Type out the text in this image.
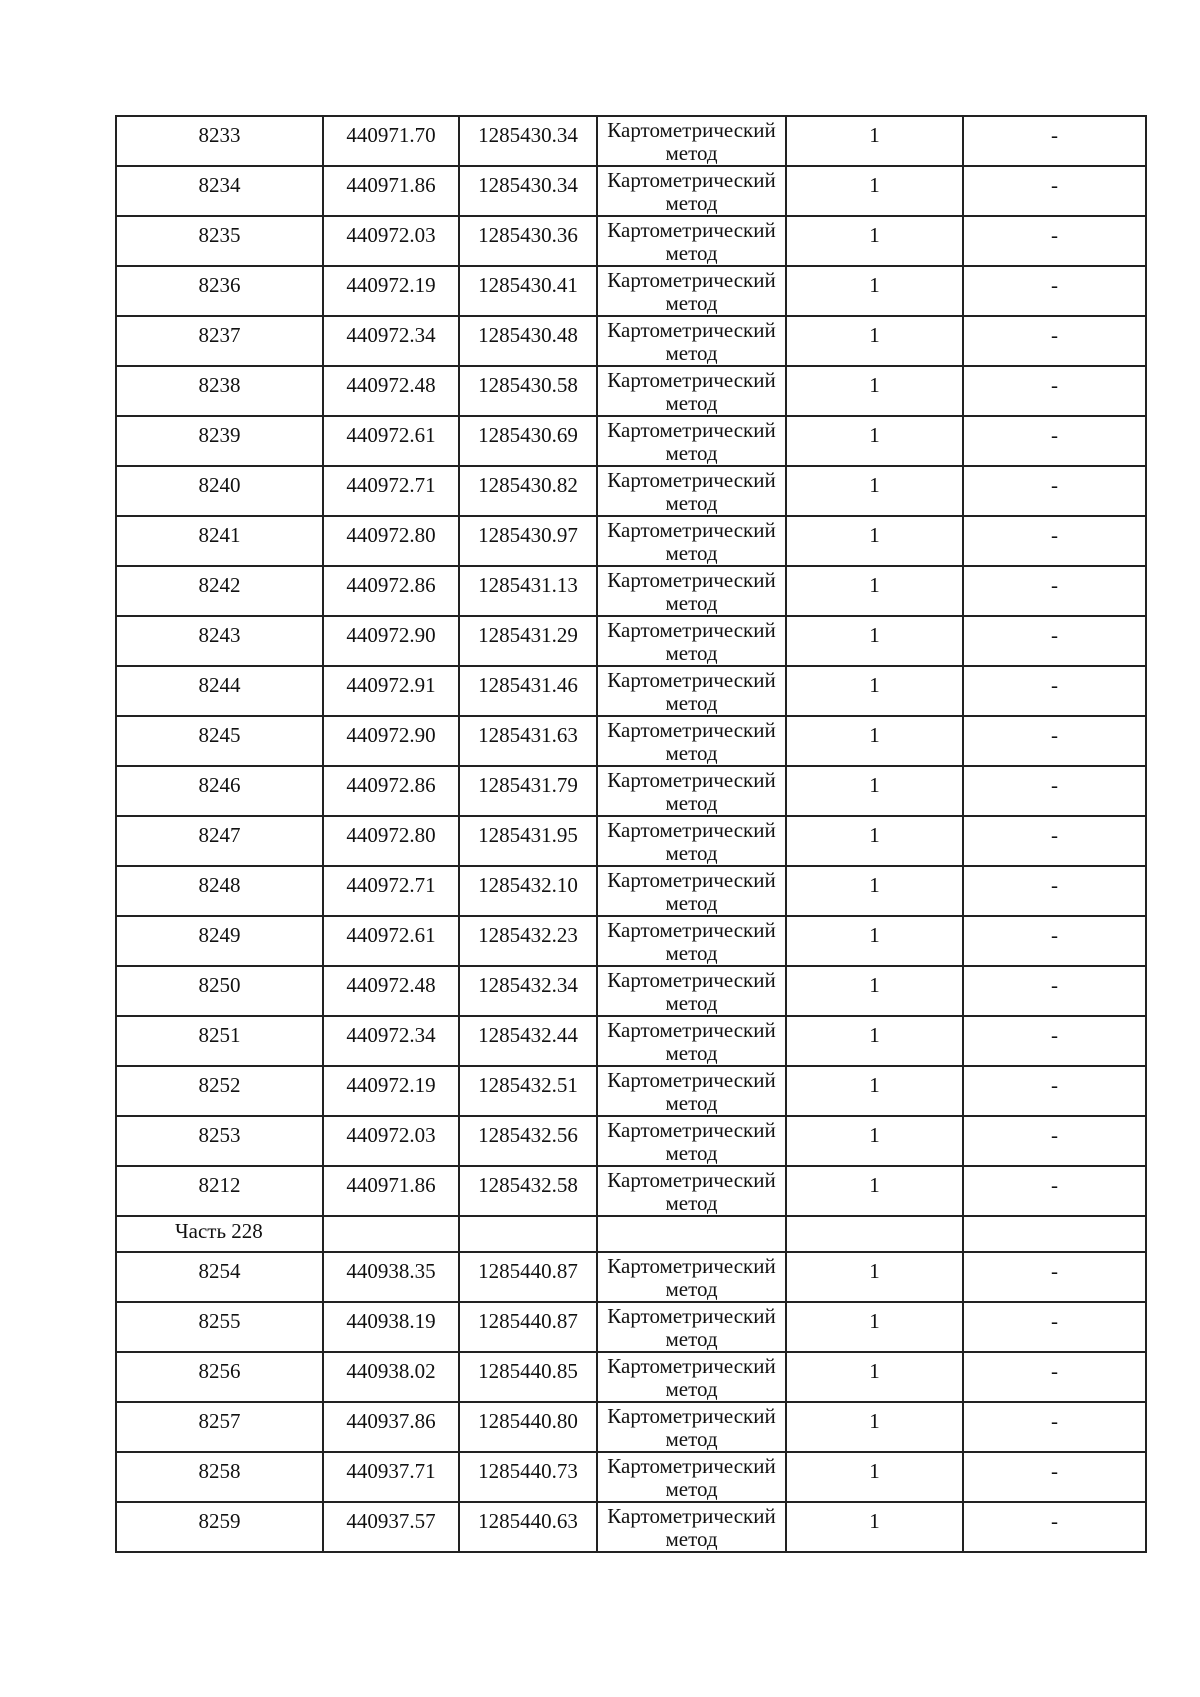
8233	440971.70	1285430.34	Картометрический метод	1	-
8234	440971.86	1285430.34	Картометрический метод	1	-
8235	440972.03	1285430.36	Картометрический метод	1	-
8236	440972.19	1285430.41	Картометрический метод	1	-
8237	440972.34	1285430.48	Картометрический метод	1	-
8238	440972.48	1285430.58	Картометрический метод	1	-
8239	440972.61	1285430.69	Картометрический метод	1	-
8240	440972.71	1285430.82	Картометрический метод	1	-
8241	440972.80	1285430.97	Картометрический метод	1	-
8242	440972.86	1285431.13	Картометрический метод	1	-
8243	440972.90	1285431.29	Картометрический метод	1	-
8244	440972.91	1285431.46	Картометрический метод	1	-
8245	440972.90	1285431.63	Картометрический метод	1	-
8246	440972.86	1285431.79	Картометрический метод	1	-
8247	440972.80	1285431.95	Картометрический метод	1	-
8248	440972.71	1285432.10	Картометрический метод	1	-
8249	440972.61	1285432.23	Картометрический метод	1	-
8250	440972.48	1285432.34	Картометрический метод	1	-
8251	440972.34	1285432.44	Картометрический метод	1	-
8252	440972.19	1285432.51	Картометрический метод	1	-
8253	440972.03	1285432.56	Картометрический метод	1	-
8212	440971.86	1285432.58	Картометрический метод	1	-
Часть 228					
8254	440938.35	1285440.87	Картометрический метод	1	-
8255	440938.19	1285440.87	Картометрический метод	1	-
8256	440938.02	1285440.85	Картометрический метод	1	-
8257	440937.86	1285440.80	Картометрический метод	1	-
8258	440937.71	1285440.73	Картометрический метод	1	-
8259	440937.57	1285440.63	Картометрический метод	1	-
